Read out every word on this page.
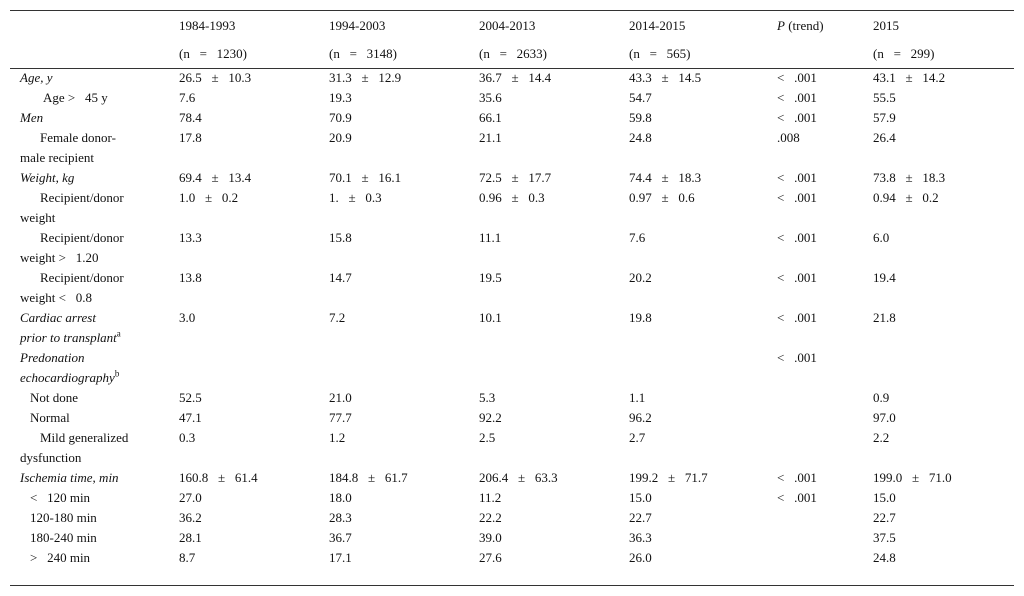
	1984-1993	1994-2003	2004-2013	2014-2015	P (trend)	2015
	(n   =   1230)	(n   =   3148)	(n   =   2633)	(n   =   565)		(n   =   299)
Age, y	26.5   ±   10.3	31.3   ±   12.9	36.7   ±   14.4	43.3   ±   14.5	<   .001	43.1   ±   14.2
Age >   45 y	7.6	19.3	35.6	54.7	<   .001	55.5
Men	78.4	70.9	66.1	59.8	<   .001	57.9
Female donor-
male recipient	17.8	20.9	21.1	24.8	.008	26.4
Weight, kg	69.4   ±   13.4	70.1   ±   16.1	72.5   ±   17.7	74.4   ±   18.3	<   .001	73.8   ±   18.3
Recipient/donor
weight	1.0   ±   0.2	1.   ±   0.3	0.96   ±   0.3	0.97   ±   0.6	<   .001	0.94   ±   0.2
Recipient/donor
weight >   1.20	13.3	15.8	11.1	7.6	<   .001	6.0
Recipient/donor
weight <   0.8	13.8	14.7	19.5	20.2	<   .001	19.4
Cardiac arrest
prior to transplant$^a$	3.0	7.2	10.1	19.8	<   .001	21.8
Predonation
echocardiography$^b$					<   .001	
Not done	52.5	21.0	5.3	1.1		0.9
Normal	47.1	77.7	92.2	96.2		97.0
Mild generalized
dysfunction	0.3	1.2	2.5	2.7		2.2
Ischemia time, min	160.8   ±   61.4	184.8   ±   61.7	206.4   ±   63.3	199.2   ±   71.7	<   .001	199.0   ±   71.0
<   120 min	27.0	18.0	11.2	15.0	<   .001	15.0
120-180 min	36.2	28.3	22.2	22.7		22.7
180-240 min	28.1	36.7	39.0	36.3		37.5
>   240 min	8.7	17.1	27.6	26.0		24.8
